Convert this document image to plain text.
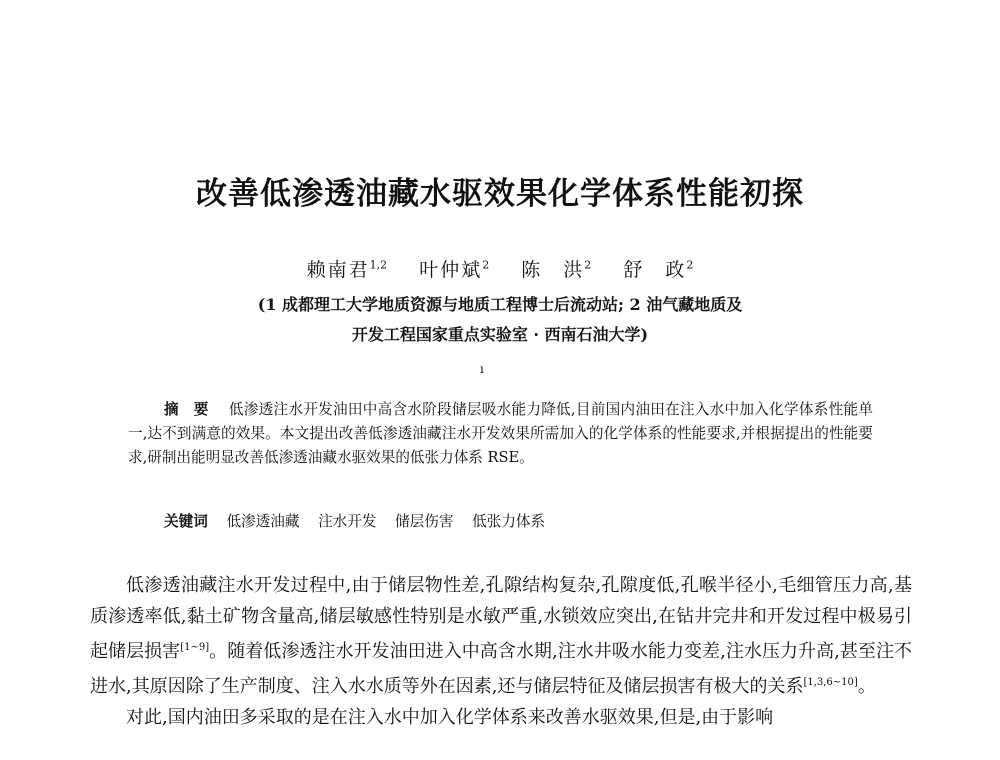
改善低渗透油藏水驱效果化学体系性能初探
赖南君$^{1,2}$ 叶仲斌$^2$ 陈　洪$^2$ 舒　政$^2$
(1 成都理工大学地质资源与地质工程博士后流动站; 2 油气藏地质及
开发工程国家重点实验室 · 西南石油大学)
ı
摘　要 低渗透注水开发油田中高含水阶段储层吸水能力降低,目前国内油田在注入水中加入化学体系性能单一,达不到满意的效果。本文提出改善低渗透油藏注水开发效果所需加入的化学体系的性能要求,并根据提出的性能要求,研制出能明显改善低渗透油藏水驱效果的低张力体系 RSE。
关键词 低渗透油藏 注水开发 储层伤害 低张力体系

低渗透油藏注水开发过程中,由于储层物性差,孔隙结构复杂,孔隙度低,孔喉半径小,毛细管压力高,基质渗透率低,黏土矿物含量高,储层敏感性特别是水敏严重,水锁效应突出,在钻井完井和开发过程中极易引起储层损害[1~9]。随着低渗透注水开发油田进入中高含水期,注水井吸水能力变差,注水压力升高,甚至注不进水,其原因除了生产制度、注入水水质等外在因素,还与储层特征及储层损害有极大的关系[1,3,6~10]。

对此,国内油田多采取的是在注入水中加入化学体系来改善水驱效果,但是,由于影响
